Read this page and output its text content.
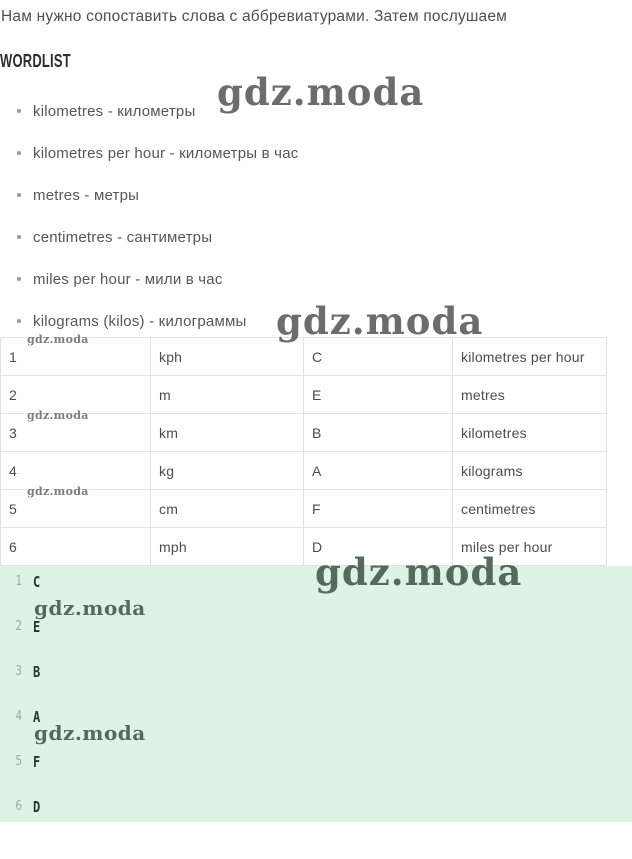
Нам нужно сопоставить слова с аббревиатурами. Затем послушаем

WORDLIST
kilometres - километры
kilometres per hour - километры в час
metres - метры
centimetres - сантиметры
miles per hour - мили в час
kilograms (kilos) - килограммы
1	kph	C	kilometres per hour
2	m	E	metres
3	km	B	kilometres
4	kg	A	kilograms
5	cm	F	centimetres
6	mph	D	miles per hour
1 C
2 E
3 B
4 A
5 F
6 D
gdz.moda
gdz.moda
gdz.moda
gdz.moda
gdz.moda
gdz.moda
gdz.moda
gdz.moda
